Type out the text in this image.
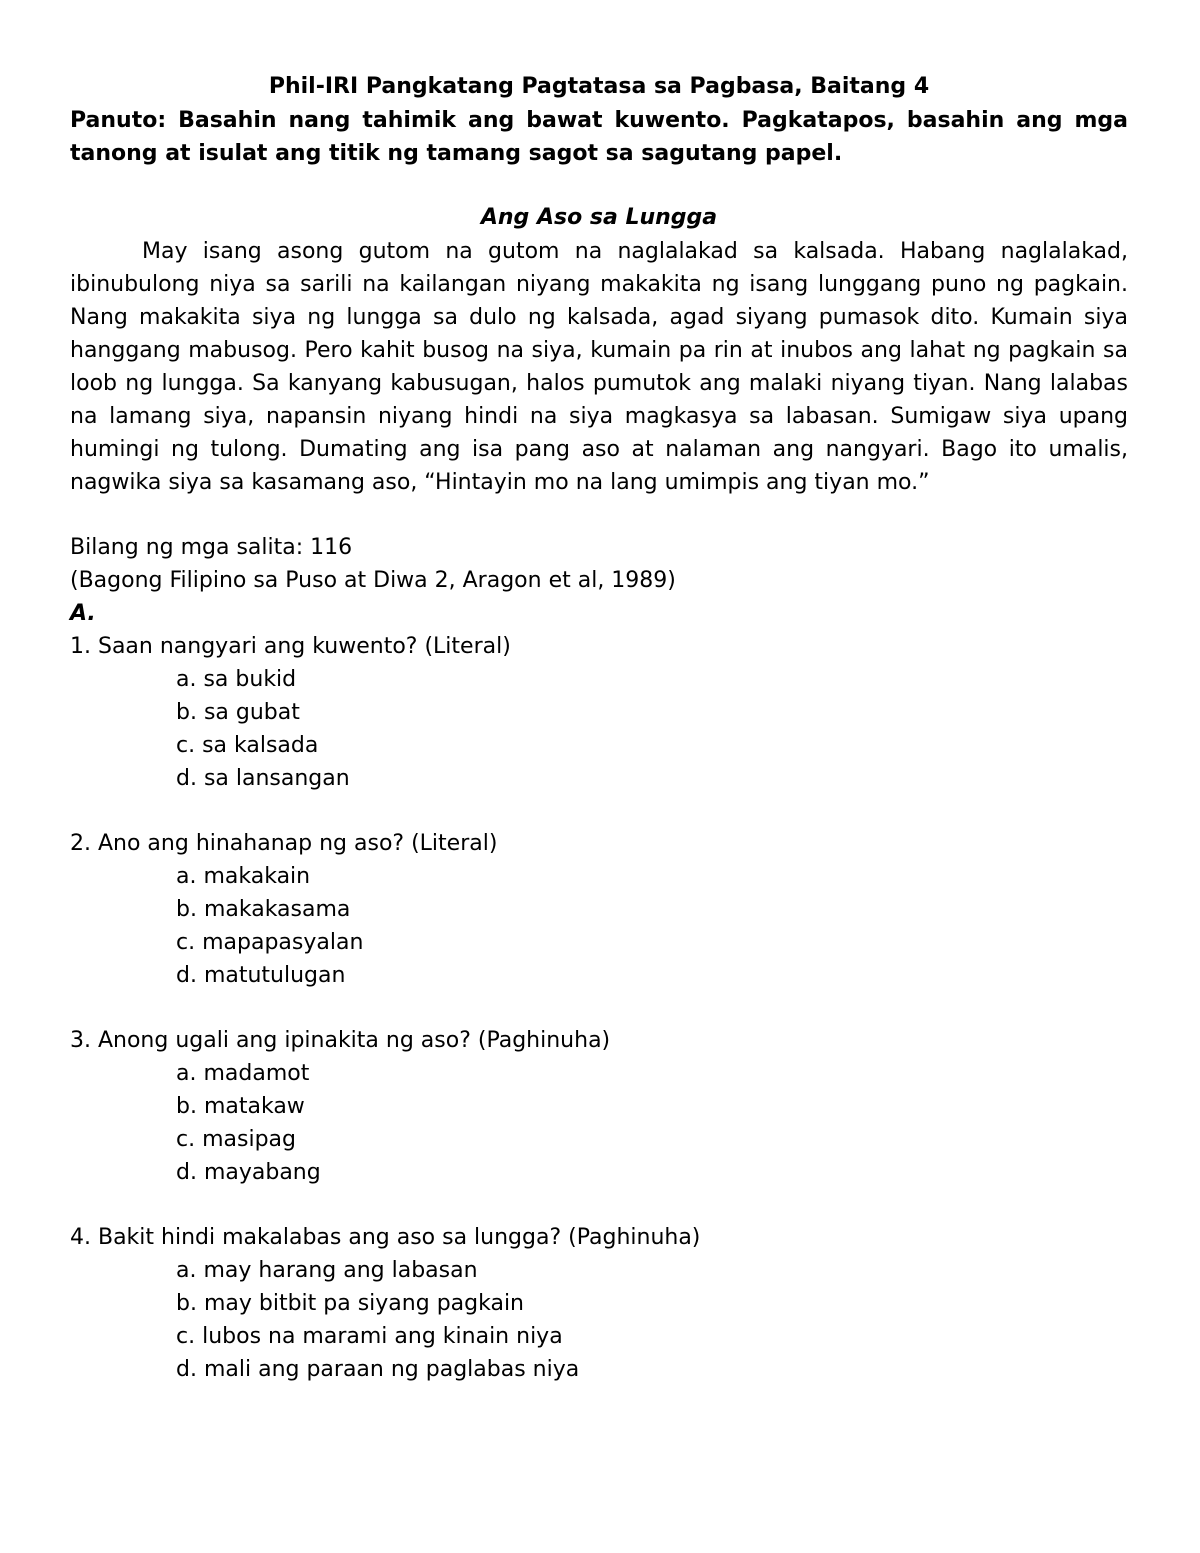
Phil-IRI Pangkatang Pagtatasa sa Pagbasa, Baitang 4

Panuto: Basahin nang tahimik ang bawat kuwento. Pagkatapos, basahin ang mga tanong at isulat ang titik ng tamang sagot sa sagutang papel.

Ang Aso sa Lungga

May isang asong gutom na gutom na naglalakad sa kalsada. Habang naglalakad, ibinubulong niya sa sarili na kailangan niyang makakita ng isang lunggang puno ng pagkain. Nang makakita siya ng lungga sa dulo ng kalsada, agad siyang pumasok dito. Kumain siya hanggang mabusog. Pero kahit busog na siya, kumain pa rin at inubos ang lahat ng pagkain sa loob ng lungga. Sa kanyang kabusugan, halos pumutok ang malaki niyang tiyan. Nang lalabas na lamang siya, napansin niyang hindi na siya magkasya sa labasan. Sumigaw siya upang humingi ng tulong. Dumating ang isa pang aso at nalaman ang nangyari. Bago ito umalis, nagwika siya sa kasamang aso, “Hintayin mo na lang umimpis ang tiyan mo.”

Bilang ng mga salita: 116

(Bagong Filipino sa Puso at Diwa 2, Aragon et al, 1989)

A.

1. Saan nangyari ang kuwento? (Literal)

a. sa bukid
b. sa gubat
c. sa kalsada
d. sa lansangan

2. Ano ang hinahanap ng aso? (Literal)

a. makakain
b. makakasama
c. mapapasyalan
d. matutulugan

3. Anong ugali ang ipinakita ng aso? (Paghinuha)

a. madamot
b. matakaw
c. masipag
d. mayabang

4. Bakit hindi makalabas ang aso sa lungga? (Paghinuha)

a. may harang ang labasan
b. may bitbit pa siyang pagkain
c. lubos na marami ang kinain niya
d. mali ang paraan ng paglabas niya
